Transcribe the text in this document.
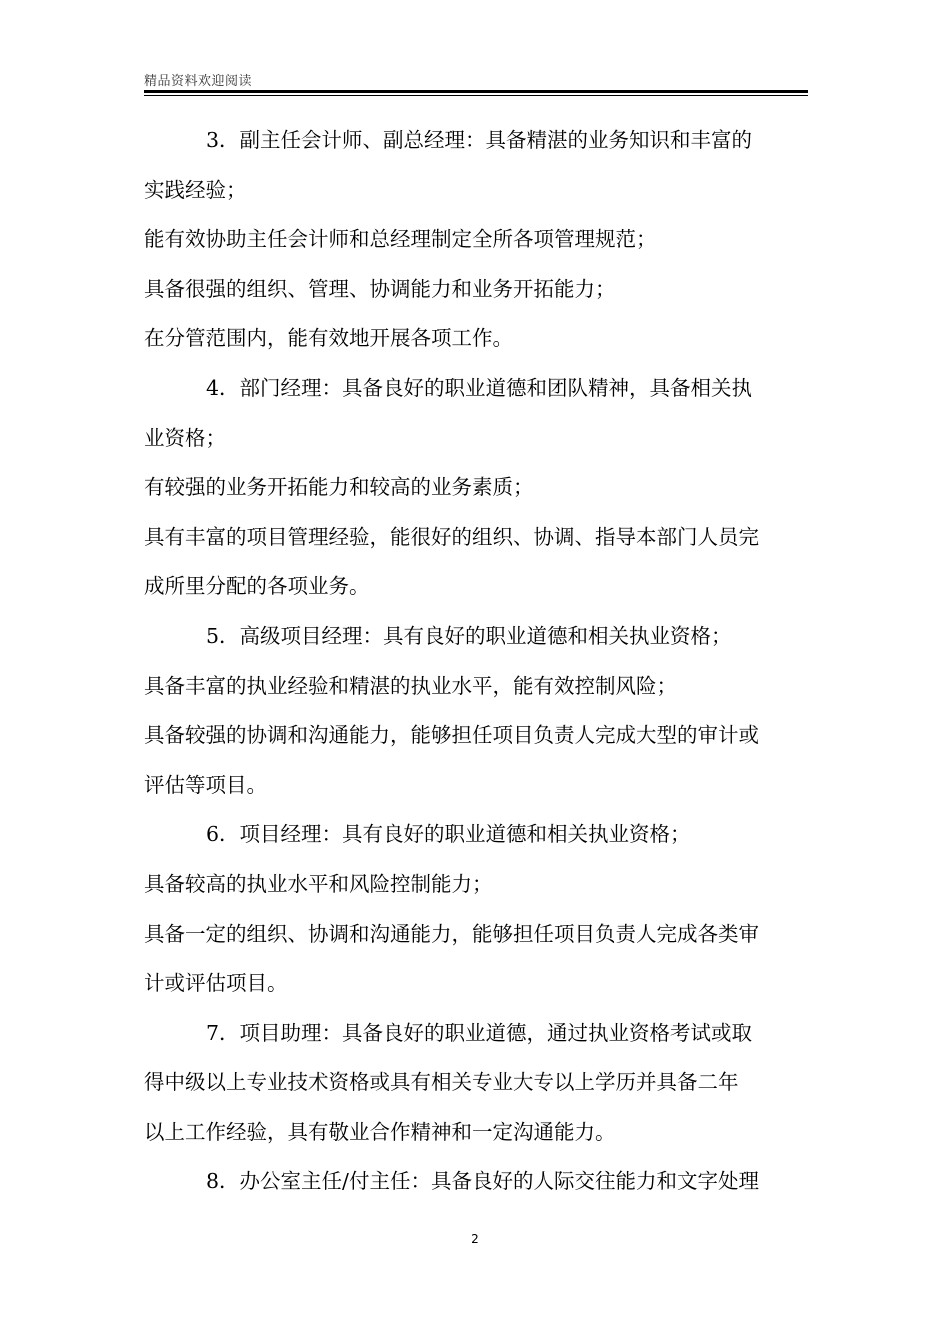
精品资料欢迎阅读
3．副主任会计师、副总经理：具备精湛的业务知识和丰富的
实践经验；
能有效协助主任会计师和总经理制定全所各项管理规范；
具备很强的组织、管理、协调能力和业务开拓能力；
在分管范围内，能有效地开展各项工作。
4．部门经理：具备良好的职业道德和团队精神，具备相关执
业资格；
有较强的业务开拓能力和较高的业务素质；
具有丰富的项目管理经验，能很好的组织、协调、指导本部门人员完
成所里分配的各项业务。
5．高级项目经理：具有良好的职业道德和相关执业资格；
具备丰富的执业经验和精湛的执业水平，能有效控制风险；
具备较强的协调和沟通能力，能够担任项目负责人完成大型的审计或
评估等项目。
6．项目经理：具有良好的职业道德和相关执业资格；
具备较高的执业水平和风险控制能力；
具备一定的组织、协调和沟通能力，能够担任项目负责人完成各类审
计或评估项目。
7．项目助理：具备良好的职业道德，通过执业资格考试或取
得中级以上专业技术资格或具有相关专业大专以上学历并具备二年
以上工作经验，具有敬业合作精神和一定沟通能力。
8．办公室主任/付主任：具备良好的人际交往能力和文字处理
2
